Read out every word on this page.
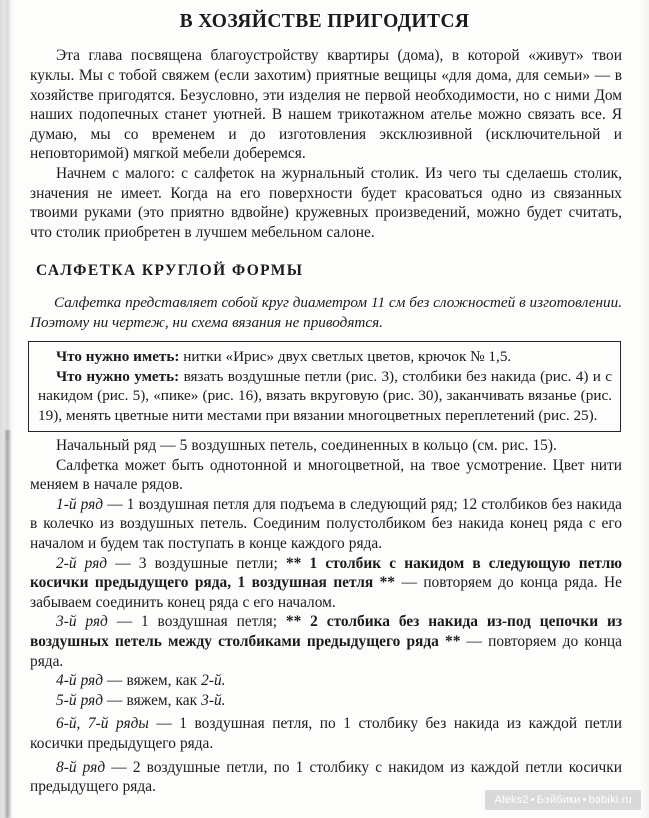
В ХОЗЯЙСТВЕ ПРИГОДИТСЯ

Эта глава посвящена благоустройству квартиры (дома), в которой «живут» твои куклы. Мы с тобой свяжем (если захотим) приятные вещицы «для дома, для семьи» — в хозяйстве пригодятся. Безусловно, эти изделия не первой необходимости, но с ними Дом наших подопечных станет уютней. В нашем трикотажном ателье можно связать все. Я думаю, мы со временем и до изготовления эксклюзивной (исключительной и неповторимой) мягкой мебели доберемся.

Начнем с малого: с салфеток на журнальный столик. Из чего ты сделаешь столик, значения не имеет. Когда на его поверхности будет красоваться одно из связанных твоими руками (это приятно вдвойне) кружевных произведений, можно будет считать, что столик приобретен в лучшем мебельном салоне.

САЛФЕТКА КРУГЛОЙ ФОРМЫ

Салфетка представляет собой круг диаметром 11 см без сложностей в изготовлении. Поэтому ни чертеж, ни схема вязания не приводятся.

Что нужно иметь: нитки «Ирис» двух светлых цветов, крючок № 1,5.

Что нужно уметь: вязать воздушные петли (рис. 3), столбики без накида (рис. 4) и с накидом (рис. 5), «пике» (рис. 16), вязать вкруговую (рис. 30), заканчивать вязанье (рис. 19), менять цветные нити местами при вязании многоцветных переплетений (рис. 25).

Начальный ряд — 5 воздушных петель, соединенных в кольцо (см. рис. 15).

Салфетка может быть однотонной и многоцветной, на твое усмотрение. Цвет нити меняем в начале рядов.

1-й ряд — 1 воздушная петля для подъема в следующий ряд; 12 столбиков без накида в колечко из воздушных петель. Соединим полустолбиком без накида конец ряда с его началом и будем так поступать в конце каждого ряда.

2-й ряд — 3 воздушные петли; ** 1 столбик с накидом в следующую петлю косички предыдущего ряда, 1 воздушная петля ** — повторяем до конца ряда. Не забываем соединить конец ряда с его началом.

3-й ряд — 1 воздушная петля; ** 2 столбика без накида из-под цепочки из воздушных петель между столбиками предыдущего ряда ** — повторяем до конца ряда.

4-й ряд — вяжем, как 2-й.

5-й ряд — вяжем, как 3-й.

6-й, 7-й ряды — 1 воздушная петля, по 1 столбику без накида из каждой петли косички предыдущего ряда.

8-й ряд — 2 воздушные петли, по 1 столбику с накидом из каждой петли косички предыдущего ряда.

Aleks2 • Бэйбики • babiki.ru
